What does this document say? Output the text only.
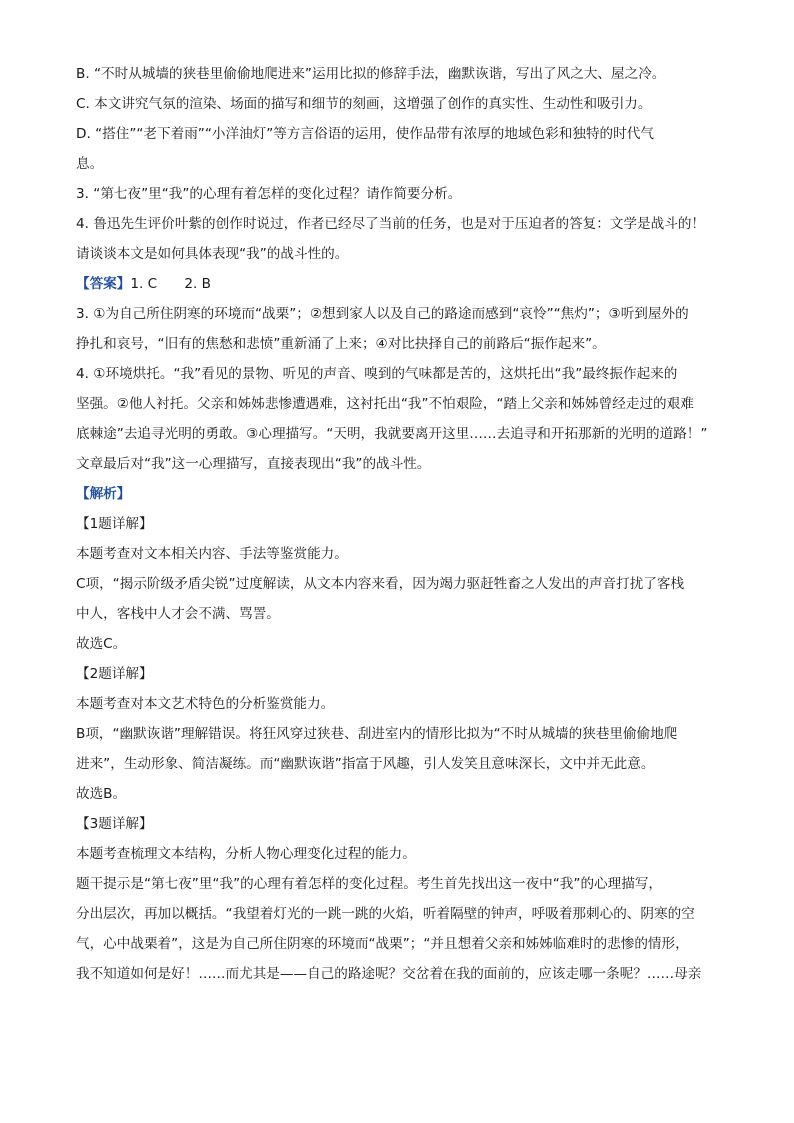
B. “不时从城墙的狭巷里偷偷地爬进来”运用比拟的修辞手法，幽默诙谐，写出了风之大、屋之冷。
C. 本文讲究气氛的渲染、场面的描写和细节的刻画，这增强了创作的真实性、生动性和吸引力。
D. “搭住”“老下着雨”“小洋油灯”等方言俗语的运用，使作品带有浓厚的地域色彩和独特的时代气
息。
3. “第七夜”里“我”的心理有着怎样的变化过程？请作简要分析。
4. 鲁迅先生评价叶紫的创作时说过，作者已经尽了当前的任务，也是对于压迫者的答复：文学是战斗的！
请谈谈本文是如何具体表现“我”的战斗性的。
【答案】1. C　　2. B
3. ①为自己所住阴寒的环境而“战栗”；②想到家人以及自己的路途而感到“哀怜”“焦灼”；③听到屋外的
挣扎和哀号，“旧有的焦愁和悲愤”重新涌了上来；④对比抉择自己的前路后“振作起来”。
4. ①环境烘托。“我”看见的景物、听见的声音、嗅到的气味都是苦的，这烘托出“我”最终振作起来的
坚强。②他人衬托。父亲和姊姊悲惨遭遇难，这衬托出“我”不怕艰险，“踏上父亲和姊姊曾经走过的艰难
底棘途”去追寻光明的勇敢。③心理描写。“天明，我就要离开这里……去追寻和开拓那新的光明的道路！”
文章最后对“我”这一心理描写，直接表现出“我”的战斗性。
【解析】
【1题详解】
本题考查对文本相关内容、手法等鉴赏能力。
C项，“揭示阶级矛盾尖锐”过度解读，从文本内容来看，因为竭力驱赶牲畜之人发出的声音打扰了客栈
中人，客栈中人才会不满、骂詈。
故选C。
【2题详解】
本题考查对本文艺术特色的分析鉴赏能力。
B项，“幽默诙谐”理解错误。将狂风穿过狭巷、刮进室内的情形比拟为“不时从城墙的狭巷里偷偷地爬
进来”，生动形象、简洁凝练。而“幽默诙谐”指富于风趣，引人发笑且意味深长，文中并无此意。
故选B。
【3题详解】
本题考查梳理文本结构，分析人物心理变化过程的能力。
题干提示是“第七夜”里“我”的心理有着怎样的变化过程。考生首先找出这一夜中“我”的心理描写，
分出层次，再加以概括。“我望着灯光的一跳一跳的火焰，听着隔壁的钟声，呼吸着那刺心的、阴寒的空
气，心中战栗着”，这是为自己所住阴寒的环境而“战栗”；“并且想着父亲和姊姊临难时的悲惨的情形，
我不知道如何是好！……而尤其是——自己的路途呢？交岔着在我的面前的，应该走哪一条呢？……母亲
